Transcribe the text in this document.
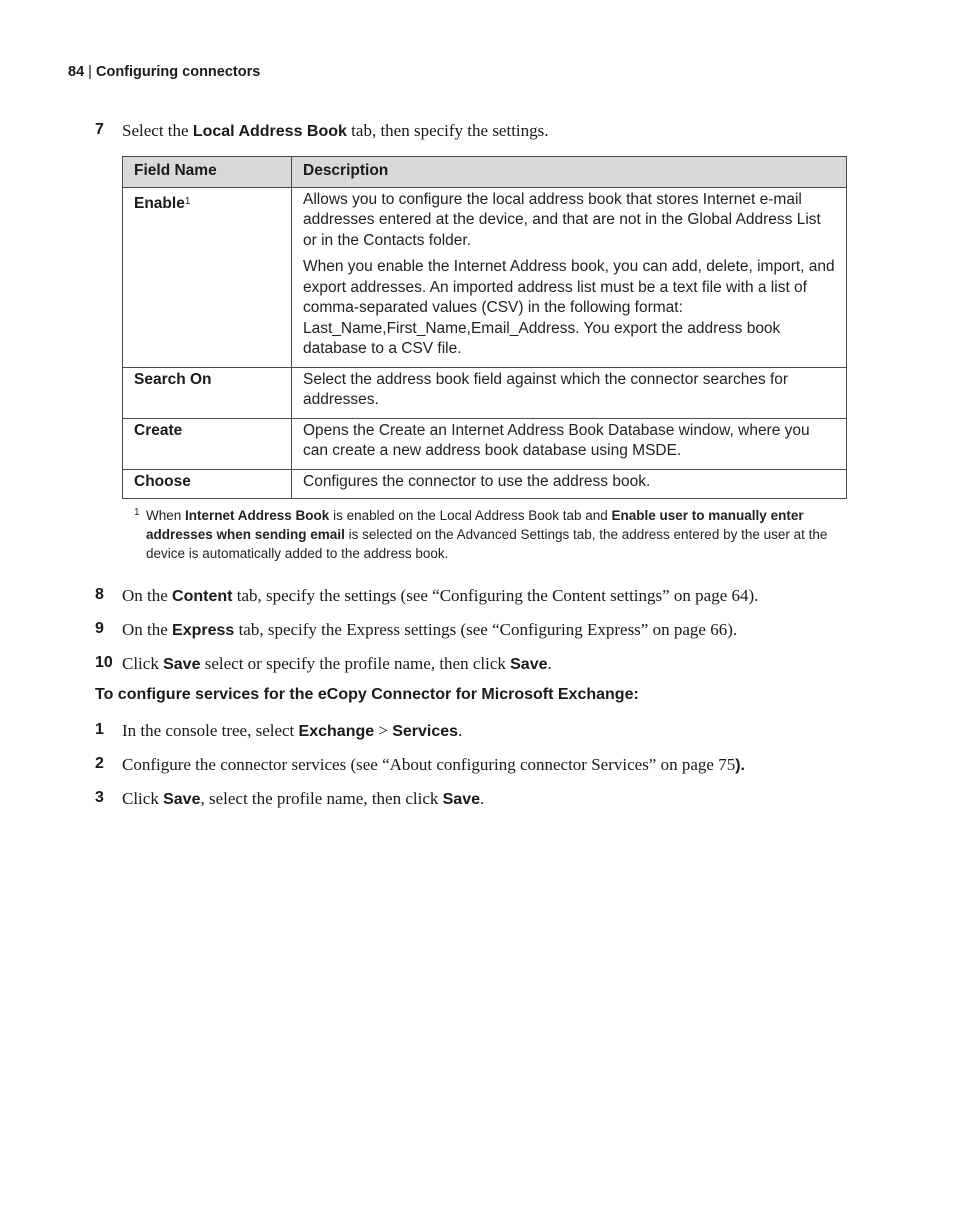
84 | Configuring connectors
7 Select the Local Address Book tab, then specify the settings.
Field Name	Description
Enable$^1$	Allows you to configure the local address book that stores Internet e-mail addresses entered at the device, and that are not in the Global Address List or in the Contacts folder.

When you enable the Internet Address book, you can add, delete, import, and export addresses. An imported address list must be a text file with a list of comma-separated values (CSV) in the following format: Last_Name,First_Name,Email_Address. You export the address book database to a CSV file.

Search On	Select the address book field against which the connector searches for addresses.

Create	Opens the Create an Internet Address Book Database window, where you can create a new address book database using MSDE.

Choose	Configures the connector to use the address book.

1 When Internet Address Book is enabled on the Local Address Book tab and Enable user to manually enter addresses when sending email is selected on the Advanced Settings tab, the address entered by the user at the device is automatically added to the address book.
8 On the Content tab, specify the settings (see “Configuring the Content settings” on page 64).
9 On the Express tab, specify the Express settings (see “Configuring Express” on page 66).
10 Click Save select or specify the profile name, then click Save.
To configure services for the eCopy Connector for Microsoft Exchange:
1 In the console tree, select Exchange > Services.
2 Configure the connector services (see “About configuring connector Services” on page 75).
3 Click Save, select the profile name, then click Save.
